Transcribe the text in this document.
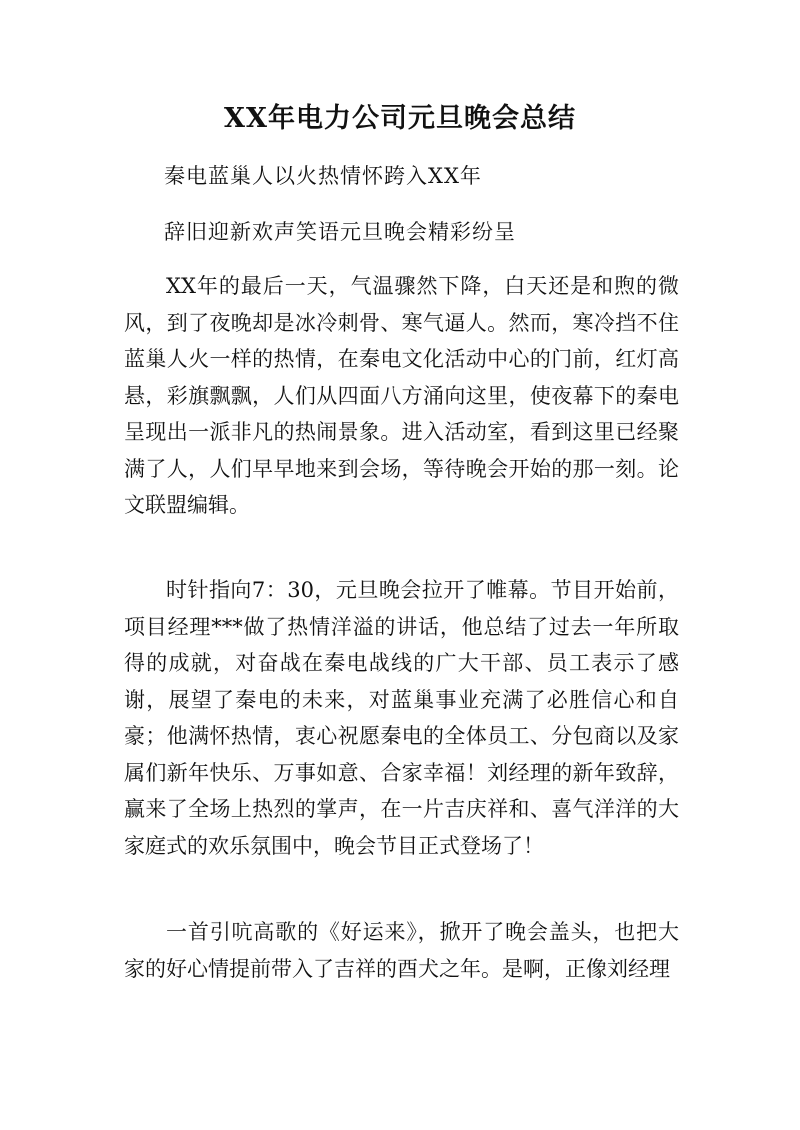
XX年电力公司元旦晚会总结

秦电蓝巢人以火热情怀跨入XX年

辞旧迎新欢声笑语元旦晚会精彩纷呈

XX年的最后一天，气温骤然下降，白天还是和煦的微风，到了夜晚却是冰冷刺骨、寒气逼人。然而，寒冷挡不住蓝巢人火一样的热情，在秦电文化活动中心的门前，红灯高悬，彩旗飘飘，人们从四面八方涌向这里，使夜幕下的秦电呈现出一派非凡的热闹景象。进入活动室，看到这里已经聚满了人，人们早早地来到会场，等待晚会开始的那一刻。论文联盟编辑。

时针指向7：30，元旦晚会拉开了帷幕。节目开始前，项目经理***做了热情洋溢的讲话，他总结了过去一年所取得的成就，对奋战在秦电战线的广大干部、员工表示了感谢，展望了秦电的未来，对蓝巢事业充满了必胜信心和自豪；他满怀热情，衷心祝愿秦电的全体员工、分包商以及家属们新年快乐、万事如意、合家幸福！刘经理的新年致辞，赢来了全场上热烈的掌声，在一片吉庆祥和、喜气洋洋的大家庭式的欢乐氛围中，晚会节目正式登场了！

一首引吭高歌的《好运来》，掀开了晚会盖头，也把大家的好心情提前带入了吉祥的酉犬之年。是啊，正像刘经理
